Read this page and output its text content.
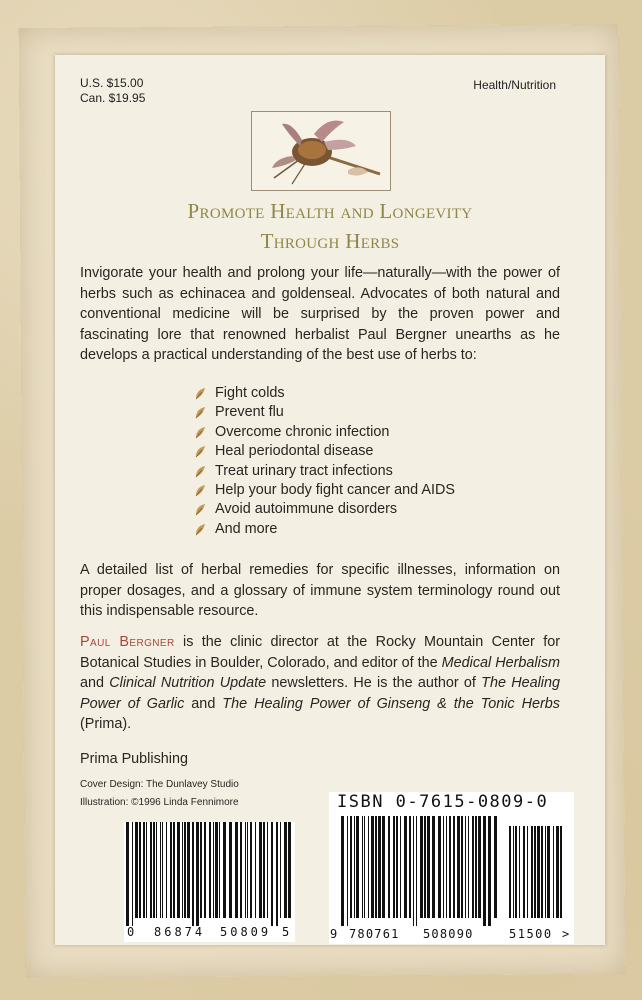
U.S. $15.00
Can. $19.95
Health/Nutrition
Promote Health and Longevity
Through Herbs
Invigorate your health and prolong your life—naturally—with the power of herbs such as echinacea and goldenseal. Advocates of both natural and conventional medicine will be surprised by the proven power and fascinating lore that renowned herbalist Paul Bergner unearths as he develops a practical understanding of the best use of herbs to:
Fight colds
Prevent flu
Overcome chronic infection
Heal periodontal disease
Treat urinary tract infections
Help your body fight cancer and AIDS
Avoid autoimmune disorders
And more
A detailed list of herbal remedies for specific illnesses, information on proper dosages, and a glossary of immune system terminology round out this indispensable resource.
Paul Bergner is the clinic director at the Rocky Mountain Center for Botanical Studies in Boulder, Colorado, and editor of the Medical Herbalism and Clinical Nutrition Update newsletters. He is the author of The Healing Power of Garlic and The Healing Power of Ginseng & the Tonic Herbs (Prima).
Prima Publishing
Cover Design: The Dunlavey Studio
Illustration: ©1996 Linda Fennimore
0 86874 50809 5
ISBN 0-7615-0809-0
9 780761 508090	51500 >
